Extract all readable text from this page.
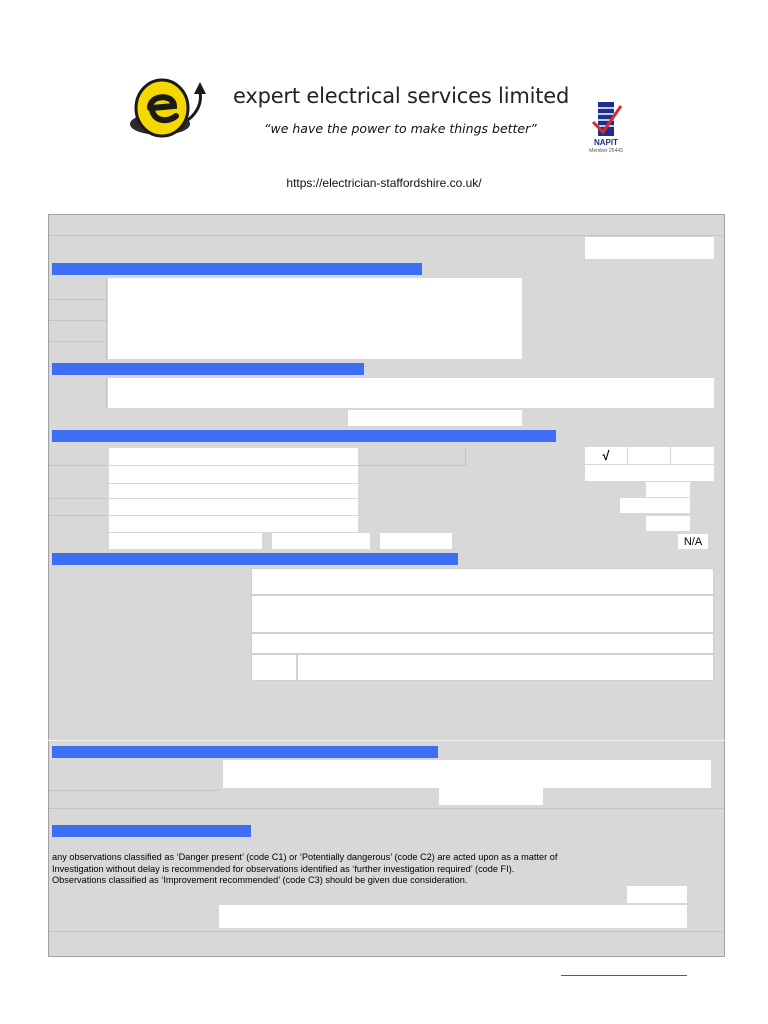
expert electrical services limited
“we have the power to make things better”
NAPIT
Member 25443
https://electrician-staffordshire.co.uk/
√
N/A
any observations classified as ‘Danger present’ (code C1) or ‘Potentially dangerous’ (code C2) are acted upon as a matter of
Investigation without delay is recommended for observations identified as ‘further investigation required’ (code FI).
Observations classified as ‘Improvement recommended’ (code C3) should be given due consideration.
